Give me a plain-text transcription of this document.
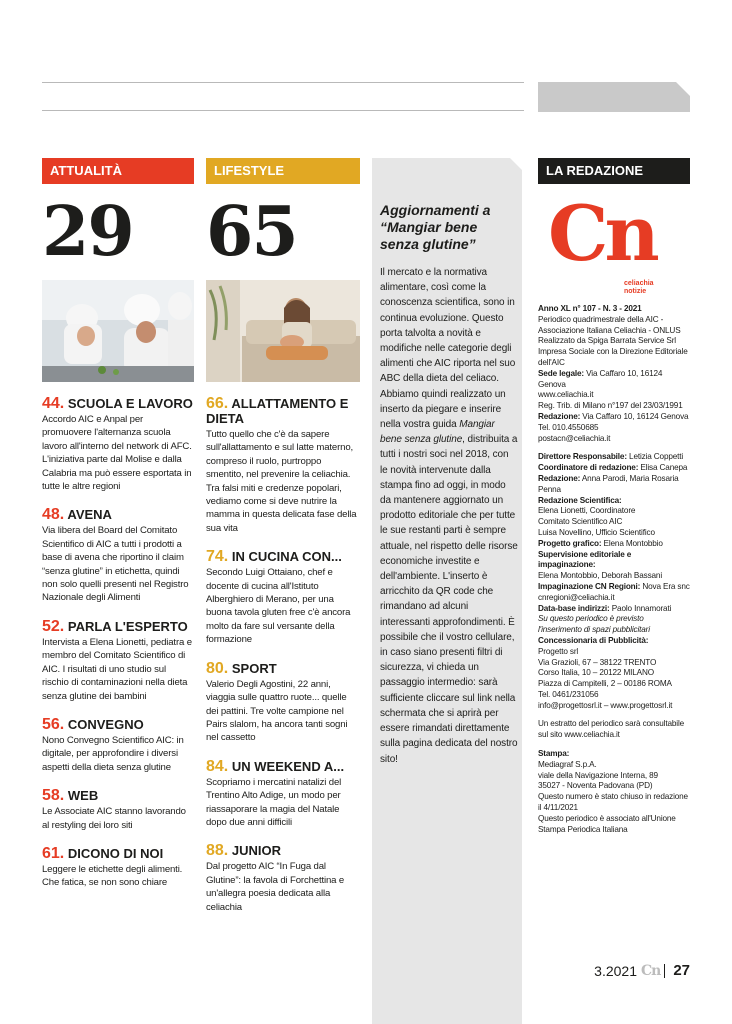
ATTUALITÀ
29
44. SCUOLA E LAVORO
Accordo AIC e Anpal per promuovere l'alternanza scuola lavoro all'interno del network di AFC. L'iniziativa parte dal Molise e dalla Calabria ma può essere esportata in tutte le altre regioni
48. AVENA
Via libera del Board del Comitato Scientifico di AIC a tutti i prodotti a base di avena che riportino il claim “senza glutine” in etichetta, quindi non solo quelli presenti nel Registro Nazionale degli Alimenti
52. PARLA L'ESPERTO
Intervista a Elena Lionetti, pediatra e membro del Comitato Scientifico di AIC. I risultati di uno studio sul rischio di contaminazioni nella dieta senza glutine dei bambini
56. CONVEGNO
Nono Convegno Scientifico AIC: in digitale, per approfondire i diversi aspetti della dieta senza glutine
58. WEB
Le Associate AIC stanno lavorando al restyling dei loro siti
61. DICONO DI NOI
Leggere le etichette degli alimenti. Che fatica, se non sono chiare
LIFESTYLE
65
66. ALLATTAMENTO E DIETA
Tutto quello che c'è da sapere sull'allattamento e sul latte materno, compreso il ruolo, purtroppo smentito, nel prevenire la celiachia. Tra falsi miti e credenze popolari, vediamo come si deve nutrire la mamma in questa delicata fase della sua vita
74. IN CUCINA CON...
Secondo Luigi Ottaiano, chef e docente di cucina all'Istituto Alberghiero di Merano, per una buona tavola gluten free c'è ancora molto da fare sul versante della formazione
80. SPORT
Valerio Degli Agostini, 22 anni, viaggia sulle quattro ruote... quelle dei pattini. Tre volte campione nel Pairs slalom, ha ancora tanti sogni nel cassetto
84. UN WEEKEND A...
Scopriamo i mercatini natalizi del Trentino Alto Adige, un modo per riassaporare la magia del Natale dopo due anni difficili
88. JUNIOR
Dal progetto AIC “In Fuga dal Glutine”: la favola di Forchettina e un'allegra poesia dedicata alla celiachia
Aggiornamenti a “Mangiar bene senza glutine”
Il mercato e la normativa alimentare, così come la conoscenza scientifica, sono in continua evoluzione. Questo porta talvolta a novità e modifiche nelle categorie degli alimenti che AIC riporta nel suo ABC della dieta del celiaco. Abbiamo quindi realizzato un inserto da piegare e inserire nella vostra guida Mangiar bene senza glutine, distribuita a tutti i nostri soci nel 2018, con le novità intervenute dalla stampa fino ad oggi, in modo da mantenere aggiornato un prodotto editoriale che per tutte le sue restanti parti è sempre attuale, nel rispetto delle risorse economiche investite e dell'ambiente. L'inserto è arricchito da QR code che rimandano ad alcuni interessanti approfondimenti. È possibile che il vostro cellulare, in caso siano presenti filtri di sicurezza, vi chieda un passaggio intermedio: sarà sufficiente cliccare sul link nella schermata che si aprirà per essere rimandati direttamente sulla pagina dedicata del nostro sito!
LA REDAZIONE
Cn
celiachia
notizie
Anno XL n° 107 - N. 3 - 2021
Periodico quadrimestrale della AIC - Associazione Italiana Celiachia - ONLUS Realizzato da Spiga Barrata Service Srl Impresa Sociale con la Direzione Editoriale dell'AIC
Sede legale: Via Caffaro 10, 16124 Genova
www.celiachia.it
Reg. Trib. di Milano n°197 del 23/03/1991
Redazione: Via Caffaro 10, 16124 Genova
Tel. 010.4550685
postacn@celiachia.it
Direttore Responsabile: Letizia Coppetti
Coordinatore di redazione: Elisa Canepa
Redazione: Anna Parodi, Maria Rosaria Penna
Redazione Scientifica:
Elena Lionetti, Coordinatore
Comitato Scientifico AIC
Luisa Novellino, Ufficio Scientifico
Progetto grafico: Elena Montobbio
Supervisione editoriale e impaginazione:
Elena Montobbio, Deborah Bassani
Impaginazione CN Regioni: Nova Era snc
cnregioni@celiachia.it
Data-base indirizzi: Paolo Innamorati
Su questo periodico è previsto
l'inserimento di spazi pubblicitari
Concessionaria di Pubblicità:
Progetto srl
Via Grazioli, 67 – 38122 TRENTO
Corso Italia, 10 – 20122 MILANO
Piazza di Campitelli, 2 – 00186 ROMA
Tel. 0461/231056
info@progettosrl.it – www.progettosrl.it
Un estratto del periodico sarà consultabile sul sito www.celiachia.it
Stampa:
Mediagraf S.p.A.
viale della Navigazione Interna, 89
35027 - Noventa Padovana (PD)
Questo numero è stato chiuso in redazione il 4/11/2021
Questo periodico è associato all'Unione Stampa Periodica Italiana
3.2021 Cn 27
